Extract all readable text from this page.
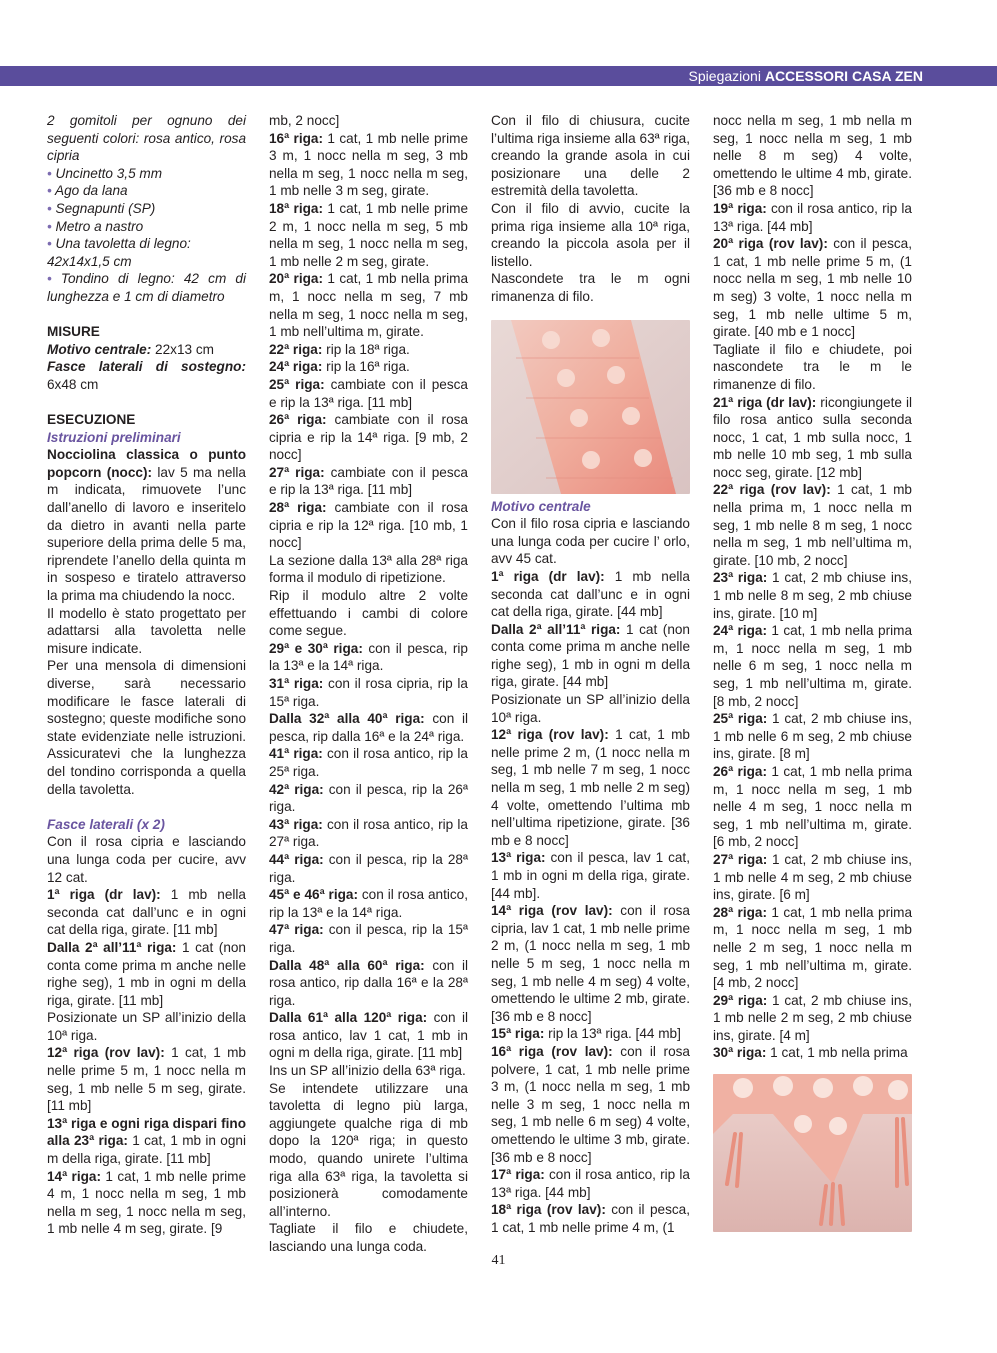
Spiegazioni ACCESSORI CASA ZEN

2 gomitoli per ognuno dei seguenti colori: rosa antico, rosa cipria

• Uncinetto 3,5 mm

• Ago da lana

• Segnapunti (SP)

• Metro a nastro

• Una tavoletta di legno: 42x14x1,5 cm

• Tondino di legno: 42 cm di lunghezza e 1 cm di diametro

MISURE

Motivo centrale: 22x13 cm

Fasce laterali di sostegno: 6x48 cm

ESECUZIONE

Istruzioni preliminari

Nocciolina classica o punto popcorn (nocc): lav 5 ma nella m indicata, rimuovete l’unc dall’anello di lavoro e inseritelo da dietro in avanti nella parte superiore della prima delle 5 ma, riprendete l’anello della quinta m in sospeso e tiratelo attraverso la prima ma chiudendo la nocc.

Il modello è stato progettato per adattarsi alla tavoletta nelle misure indicate.

Per una mensola di dimensioni diverse, sarà necessario modificare le fasce laterali di sostegno; queste modifiche sono state evidenziate nelle istruzioni. Assicuratevi che la lunghezza del tondino corrisponda a quella della tavoletta.

Fasce laterali (x 2)

Con il rosa cipria e lasciando una lunga coda per cucire, avv 12 cat.

1ª riga (dr lav): 1 mb nella seconda cat dall’unc e in ogni cat della riga, girate. [11 mb]

Dalla 2ª all’11ª riga: 1 cat (non conta come prima m anche nelle righe seg), 1 mb in ogni m della riga, girate. [11 mb]

Posizionate un SP all’inizio della 10ª riga.

12ª riga (rov lav): 1 cat, 1 mb nelle prime 5 m, 1 nocc nella m seg, 1 mb nelle 5 m seg, girate. [11 mb]

13ª riga e ogni riga dispari fino alla 23ª riga: 1 cat, 1 mb in ogni m della riga, girate. [11 mb]

14ª riga: 1 cat, 1 mb nelle prime 4 m, 1 nocc nella m seg, 1 mb nella m seg, 1 nocc nella m seg, 1 mb nelle 4 m seg, girate. [9

mb, 2 nocc]

16ª riga: 1 cat, 1 mb nelle prime 3 m, 1 nocc nella m seg, 3 mb nella m seg, 1 nocc nella m seg, 1 mb nelle 3 m seg, girate.

18ª riga: 1 cat, 1 mb nelle prime 2 m, 1 nocc nella m seg, 5 mb nella m seg, 1 nocc nella m seg, 1 mb nelle 2 m seg, girate.

20ª riga: 1 cat, 1 mb nella prima m, 1 nocc nella m seg, 7 mb nella m seg, 1 nocc nella m seg, 1 mb nell’ultima m, girate.

22ª riga: rip la 18ª riga.

24ª riga: rip la 16ª riga.

25ª riga: cambiate con il pesca e rip la 13ª riga. [11 mb]

26ª riga: cambiate con il rosa cipria e rip la 14ª riga. [9 mb, 2 nocc]

27ª riga: cambiate con il pesca e rip la 13ª riga. [11 mb]

28ª riga: cambiate con il rosa cipria e rip la 12ª riga. [10 mb, 1 nocc]

La sezione dalla 13ª alla 28ª riga forma il modulo di ripetizione.

Rip il modulo altre 2 volte effettuando i cambi di colore come segue.

29ª e 30ª riga: con il pesca, rip la 13ª e la 14ª riga.

31ª riga: con il rosa cipria, rip la 15ª riga.

Dalla 32ª alla 40ª riga: con il pesca, rip dalla 16ª e la 24ª riga.

41ª riga: con il rosa antico, rip la 25ª riga.

42ª riga: con il pesca, rip la 26ª riga.

43ª riga: con il rosa antico, rip la 27ª riga.

44ª riga: con il pesca, rip la 28ª riga.

45ª e 46ª riga: con il rosa antico, rip la 13ª e la 14ª riga.

47ª riga: con il pesca, rip la 15ª riga.

Dalla 48ª alla 60ª riga: con il rosa antico, rip dalla 16ª e la 28ª riga.

Dalla 61ª alla 120ª riga: con il rosa antico, lav 1 cat, 1 mb in ogni m della riga, girate. [11 mb]

Ins un SP all’inizio della 63ª riga.

Se intendete utilizzare una tavoletta di legno più larga, aggiungete qualche riga di mb dopo la 120ª riga; in questo modo, quando unirete l’ultima riga alla 63ª riga, la tavoletta si posizionerà comodamente all’interno.

Tagliate il filo e chiudete, lasciando una lunga coda.

Con il filo di chiusura, cucite l’ultima riga insieme alla 63ª riga, creando la grande asola in cui posizionare una delle 2 estremità della tavoletta.

Con il filo di avvio, cucite la prima riga insieme alla 10ª riga, creando la piccola asola per il listello.

Nascondete tra le m ogni rimanenza di filo.

Motivo centrale

Con il filo rosa cipria e lasciando una lunga coda per cucire l’ orlo, avv 45 cat.

1ª riga (dr lav): 1 mb nella seconda cat dall’unc e in ogni cat della riga, girate. [44 mb]

Dalla 2ª all’11ª riga: 1 cat (non conta come prima m anche nelle righe seg), 1 mb in ogni m della riga, girate. [44 mb]

Posizionate un SP all’inizio della 10ª riga.

12ª riga (rov lav): 1 cat, 1 mb nelle prime 2 m, (1 nocc nella m seg, 1 mb nelle 7 m seg, 1 nocc nella m seg, 1 mb nelle 2 m seg) 4 volte, omettendo l’ultima mb nell’ultima ripetizione, girate. [36 mb e 8 nocc]

13ª riga: con il pesca, lav 1 cat, 1 mb in ogni m della riga, girate. [44 mb].

14ª riga (rov lav): con il rosa cipria, lav 1 cat, 1 mb nelle prime 2 m, (1 nocc nella m seg, 1 mb nelle 5 m seg, 1 nocc nella m seg, 1 mb nelle 4 m seg) 4 volte, omettendo le ultime 2 mb, girate. [36 mb e 8 nocc]

15ª riga: rip la 13ª riga. [44 mb]

16ª riga (rov lav): con il rosa polvere, 1 cat, 1 mb nelle prime 3 m, (1 nocc nella m seg, 1 mb nelle 3 m seg, 1 nocc nella m seg, 1 mb nelle 6 m seg) 4 volte, omettendo le ultime 3 mb, girate. [36 mb e 8 nocc]

17ª riga: con il rosa antico, rip la 13ª riga. [44 mb]

18ª riga (rov lav): con il pesca, 1 cat, 1 mb nelle prime 4 m, (1

nocc nella m seg, 1 mb nella m seg, 1 nocc nella m seg, 1 mb nelle 8 m seg) 4 volte, omettendo le ultime 4 mb, girate. [36 mb e 8 nocc]

19ª riga: con il rosa antico, rip la 13ª riga. [44 mb]

20ª riga (rov lav): con il pesca, 1 cat, 1 mb nelle prime 5 m, (1 nocc nella m seg, 1 mb nelle 10 m seg) 3 volte, 1 nocc nella m seg, 1 mb nelle ultime 5 m, girate. [40 mb e 1 nocc]

Tagliate il filo e chiudete, poi nascondete tra le m le rimanenze di filo.

21ª riga (dr lav): ricongiungete il filo rosa antico sulla seconda nocc, 1 cat, 1 mb sulla nocc, 1 mb nelle 10 mb seg, 1 mb sulla nocc seg, girate. [12 mb]

22ª riga (rov lav): 1 cat, 1 mb nella prima m, 1 nocc nella m seg, 1 mb nelle 8 m seg, 1 nocc nella m seg, 1 mb nell’ultima m, girate. [10 mb, 2 nocc]

23ª riga: 1 cat, 2 mb chiuse ins, 1 mb nelle 8 m seg, 2 mb chiuse ins, girate. [10 m]

24ª riga: 1 cat, 1 mb nella prima m, 1 nocc nella m seg, 1 mb nelle 6 m seg, 1 nocc nella m seg, 1 mb nell’ultima m, girate. [8 mb, 2 nocc]

25ª riga: 1 cat, 2 mb chiuse ins, 1 mb nelle 6 m seg, 2 mb chiuse ins, girate. [8 m]

26ª riga: 1 cat, 1 mb nella prima m, 1 nocc nella m seg, 1 mb nelle 4 m seg, 1 nocc nella m seg, 1 mb nell’ultima m, girate. [6 mb, 2 nocc]

27ª riga: 1 cat, 2 mb chiuse ins, 1 mb nelle 4 m seg, 2 mb chiuse ins, girate. [6 m]

28ª riga: 1 cat, 1 mb nella prima m, 1 nocc nella m seg, 1 mb nelle 2 m seg, 1 nocc nella m seg, 1 mb nell’ultima m, girate. [4 mb, 2 nocc]

29ª riga: 1 cat, 2 mb chiuse ins, 1 mb nelle 2 m seg, 2 mb chiuse ins, girate. [4 m]

30ª riga: 1 cat, 1 mb nella prima

41
